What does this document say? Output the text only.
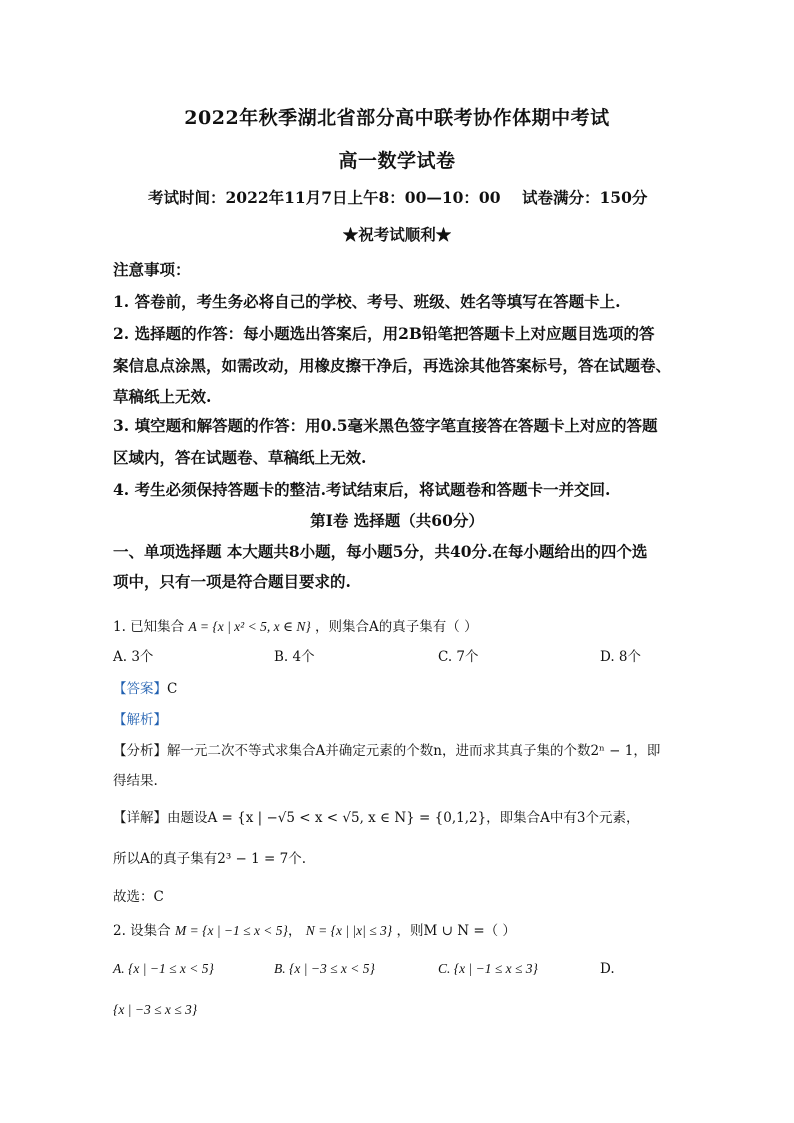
2022年秋季湖北省部分高中联考协作体期中考试
高一数学试卷
考试时间：2022年11月7日上午8：00—10：00 试卷满分：150分
★祝考试顺利★
注意事项：
1. 答卷前，考生务必将自己的学校、考号、班级、姓名等填写在答题卡上.
2. 选择题的作答：每小题选出答案后，用2B铅笔把答题卡上对应题目选项的答
案信息点涂黑，如需改动，用橡皮擦干净后，再选涂其他答案标号，答在试题卷、
草稿纸上无效.
3. 填空题和解答题的作答：用0.5毫米黑色签字笔直接答在答题卡上对应的答题
区域内，答在试题卷、草稿纸上无效.
4. 考生必须保持答题卡的整洁.考试结束后，将试题卷和答题卡一并交回.
第Ⅰ卷 选择题（共60分）
一、单项选择题 本大题共8小题，每小题5分，共40分.在每小题给出的四个选
项中，只有一项是符合题目要求的.
1. 已知集合 A = {x | x² < 5, x ∈ N} ，则集合A的真子集有（ ）
A. 3个	B. 4个	C. 7个	D. 8个
【答案】C
【解析】
【分析】解一元二次不等式求集合A并确定元素的个数n，进而求其真子集的个数2ⁿ − 1，即
得结果.
【详解】由题设A = {x | −√5 < x < √5, x ∈ N} = {0,1,2}，即集合A中有3个元素，
所以A的真子集有2³ − 1 = 7个.
故选：C
2. 设集合 M = {x | −1 ≤ x < 5}， N = {x | |x| ≤ 3} ，则M ∪ N =（ ）
A. {x | −1 ≤ x < 5}	B. {x | −3 ≤ x < 5}	C. {x | −1 ≤ x ≤ 3}	D.
{x | −3 ≤ x ≤ 3}
